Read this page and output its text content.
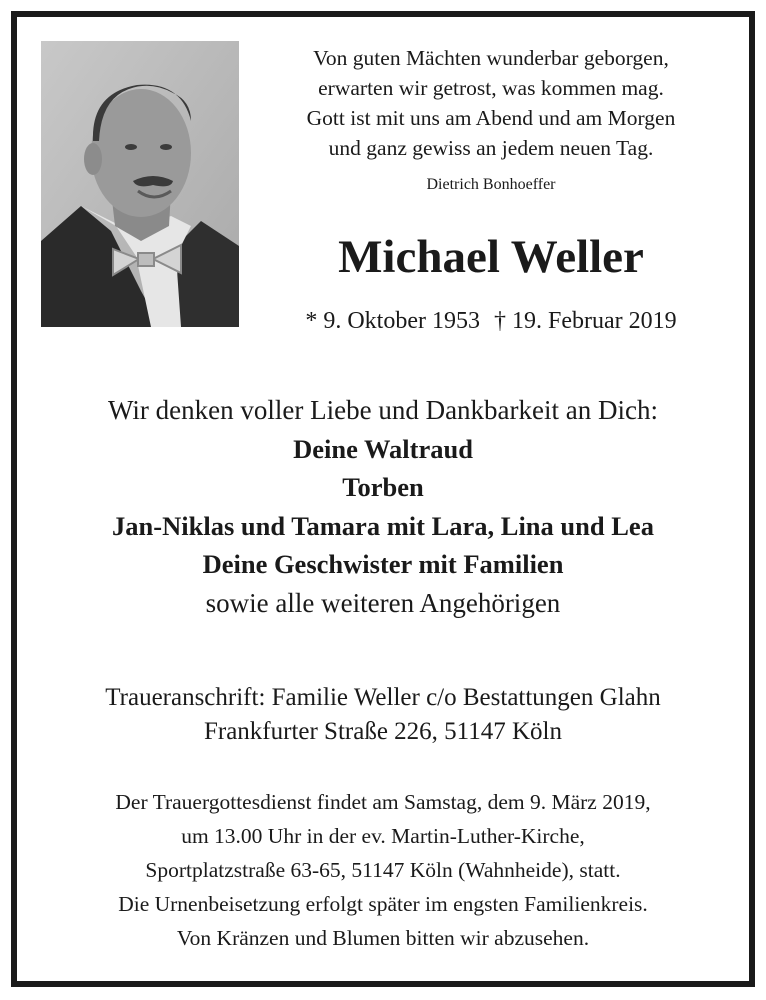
Von guten Mächten wunderbar geborgen,
erwarten wir getrost, was kommen mag.
Gott ist mit uns am Abend und am Morgen
und ganz gewiss an jedem neuen Tag.
Dietrich Bonhoeffer
Michael Weller
* 9. Oktober 1953 † 19. Februar 2019
Wir denken voller Liebe und Dankbarkeit an Dich:
Deine Waltraud
Torben
Jan-Niklas und Tamara mit Lara, Lina und Lea
Deine Geschwister mit Familien
sowie alle weiteren Angehörigen
Traueranschrift: Familie Weller c/o Bestattungen Glahn
Frankfurter Straße 226, 51147 Köln
Der Trauergottesdienst findet am Samstag, dem 9. März 2019,
um 13.00 Uhr in der ev. Martin-Luther-Kirche,
Sportplatzstraße 63-65, 51147 Köln (Wahnheide), statt.
Die Urnenbeisetzung erfolgt später im engsten Familienkreis.
Von Kränzen und Blumen bitten wir abzusehen.
